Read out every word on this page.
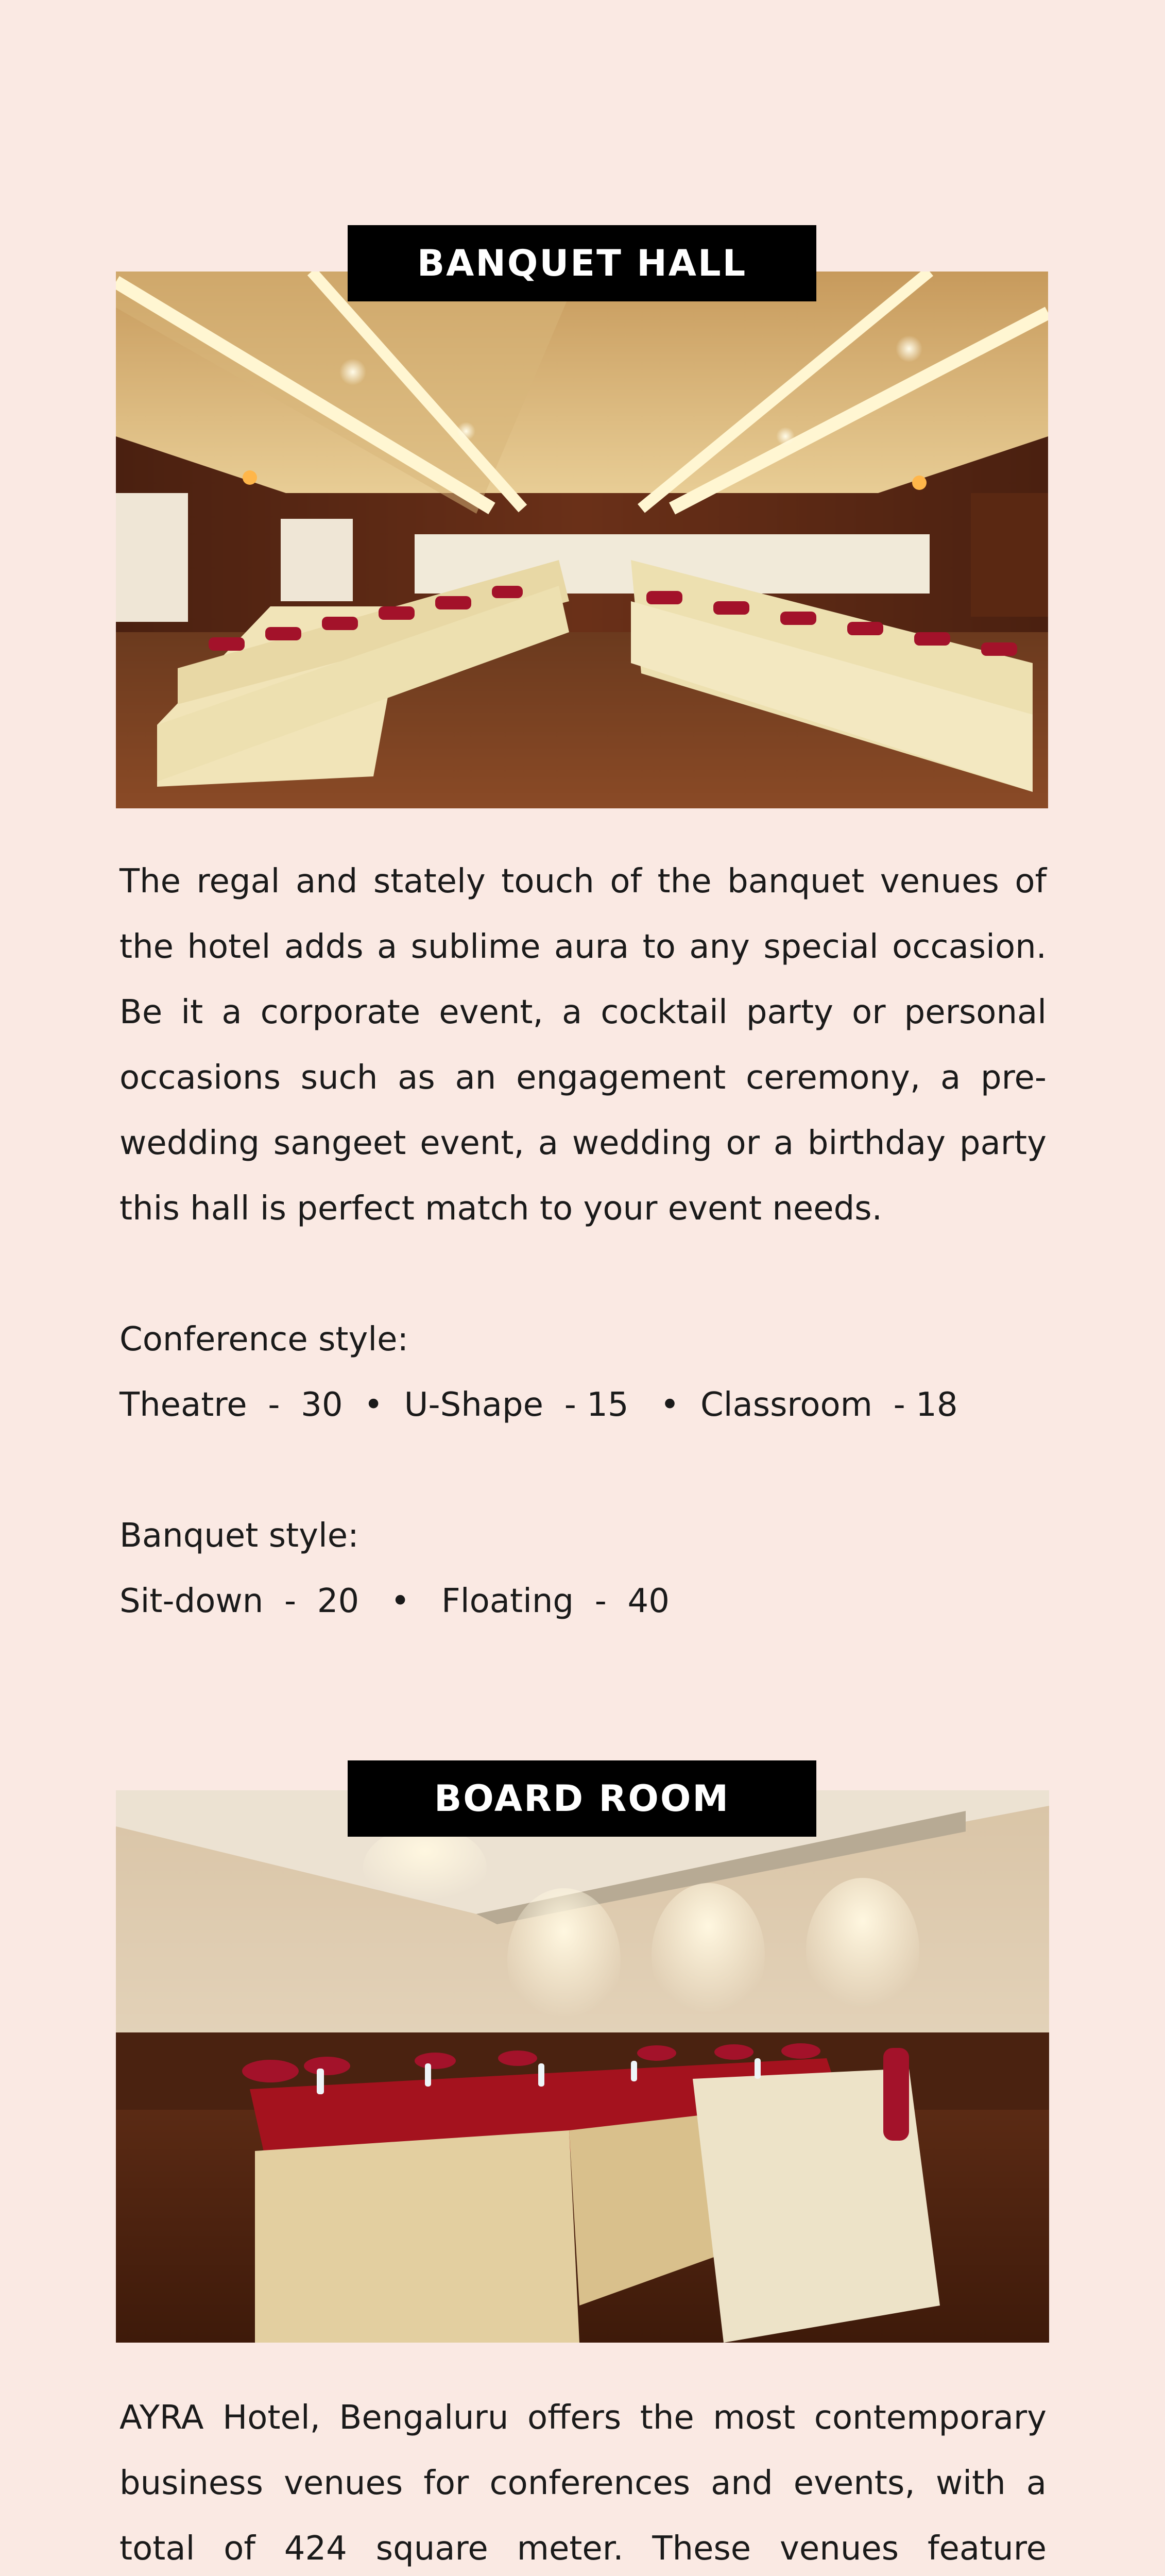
BANQUET HALL

The regal and stately touch of the banquet venues of the hotel adds a sublime aura to any special occasion. Be it a corporate event, a cocktail party or personal occasions such as an engagement ceremony, a pre-wedding sangeet event, a wedding or a birthday party this hall is perfect match to your event needs.

Conference style:

Theatre  -  30  •  U-Shape  - 15   •  Classroom  - 18

Banquet style:

Sit-down  -  20   •   Floating  -  40

BOARD ROOM

AYRA Hotel, Bengaluru offers the most contemporary business venues for conferences and events, with a total of 424 square meter. These venues feature
